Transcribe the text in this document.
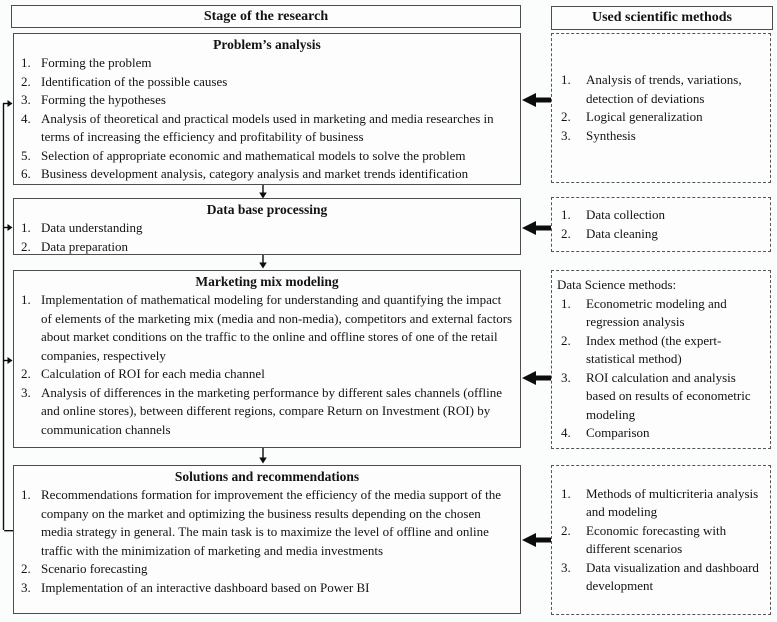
Stage of the research	Used scientific methods
Problem’s analysis
1. Forming the problem
2. Identification of the possible causes
3. Forming the hypotheses
4. Analysis of theoretical and practical models used in marketing and media researches in terms of increasing the efficiency and profitability of business
5. Selection of appropriate economic and mathematical models to solve the problem
6. Business development analysis, category analysis and market trends identification
Data base processing
1. Data understanding
2. Data preparation
Marketing mix modeling
1. Implementation of mathematical modeling for understanding and quantifying the impact of elements of the marketing mix (media and non-media), competitors and external factors about market conditions on the traffic to the online and offline stores of one of the retail companies, respectively
2. Calculation of ROI for each media channel
3. Analysis of differences in the marketing performance by different sales channels (offline and online stores), between different regions, compare Return on Investment (ROI) by communication channels
Solutions and recommendations
1. Recommendations formation for improvement the efficiency of the media support of the company on the market and optimizing the business results depending on the chosen media strategy in general. The main task is to maximize the level of offline and online traffic with the minimization of marketing and media investments
2. Scenario forecasting
3. Implementation of an interactive dashboard based on Power BI
1.	Analysis of trends, variations, detection of deviations
2.	Logical generalization
3.	Synthesis
1.	Data collection
2.	Data cleaning
Data Science methods:
1.	Econometric modeling and regression analysis
2.	Index method (the expert-statistical method)
3.	ROI calculation and analysis based on results of econometric modeling
4.	Comparison
1.	Methods of multicriteria analysis and modeling
2.	Economic forecasting with different scenarios
3.	Data visualization and dashboard development
